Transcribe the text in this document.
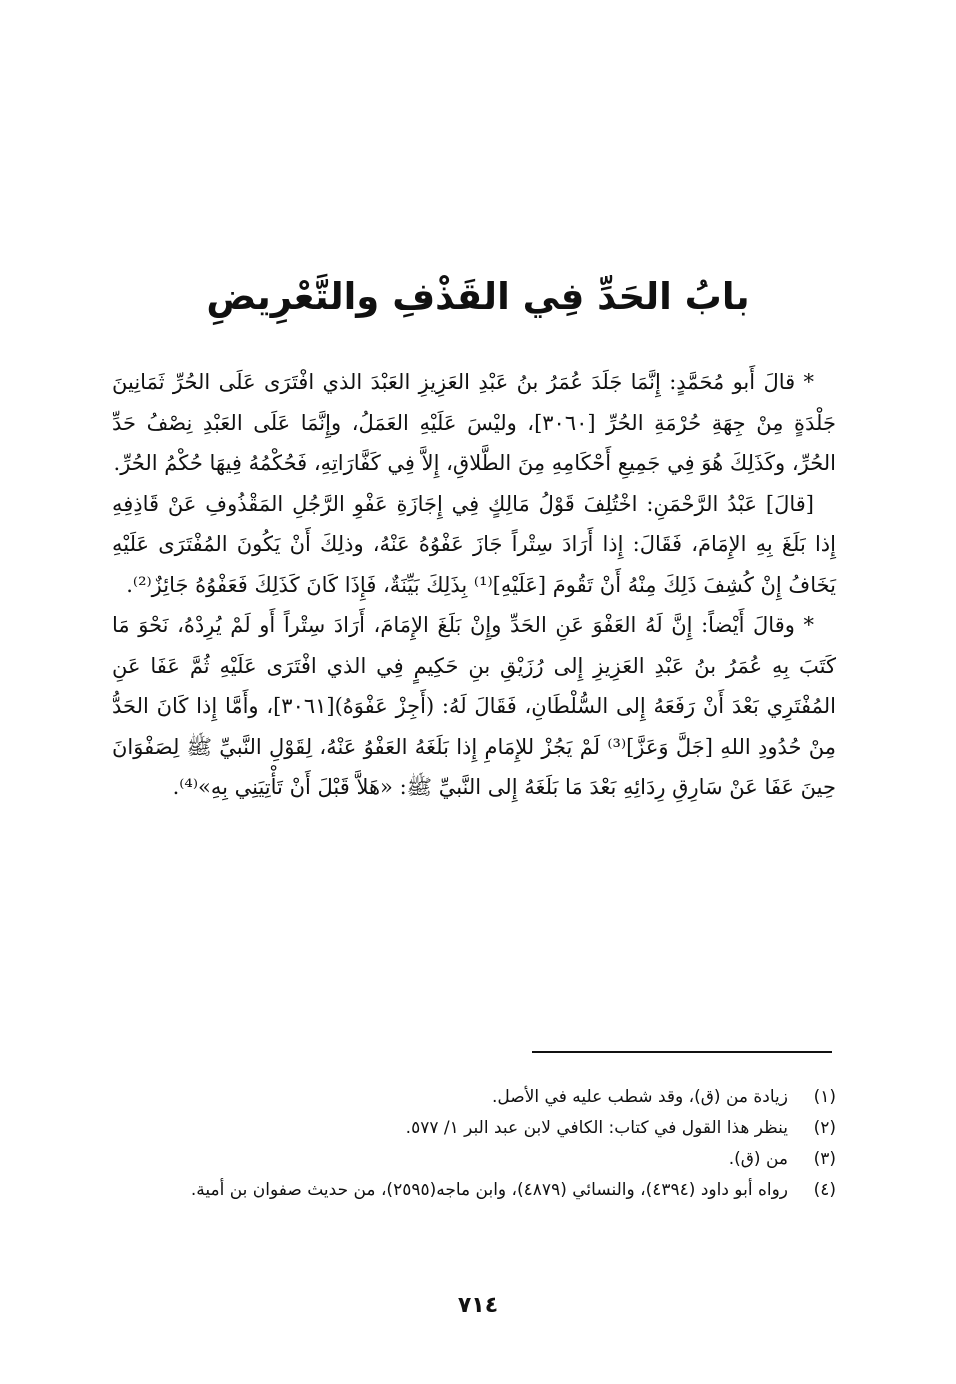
بابُ الحَدِّ فِي القَذْفِ والتَّعْرِيضِ

* قالَ أَبو مُحَمَّدٍ: إِنَّمَا جَلَدَ عُمَرُ بنُ عَبْدِ العَزِيزِ العَبْدَ الذي افْتَرَى عَلَى الحُرِّ ثَمَانِينَ جَلْدَةٍ مِنْ جِهَةِ حُرْمَةِ الحُرِّ [٣٠٦٠]، وليْسَ عَلَيْهِ العَمَلُ، وإِنَّمَا عَلَى العَبْدِ نِصْفُ حَدِّ الحُرِّ، وكَذَلِكَ هُوَ فِي جَمِيعِ أَحْكَامِهِ مِنَ الطَّلاقِ، إِلاَّ فِي كَفَّارَاتِهِ، فَحُكْمُهُ فِيهَا حُكْمُ الحُرِّ.

[قالَ] عَبْدُ الرَّحْمَنِ: اخْتُلِفَ قَوْلُ مَالِكٍ فِي إِجَازَةِ عَفْوِ الرَّجُلِ المَقْذُوفِ عَنْ قَاذِفِهِ إِذا بَلَغَ بِهِ الإِمَامَ، فَقَالَ: إِذا أَرَادَ سِتْراً جَازَ عَفْوُهُ عَنْهُ، وذلِكَ أَنْ يَكُونَ المُفْتَرَى عَلَيْهِ يَخَافُ إِنْ كُشِفَ ذَلِكَ مِنْهُ أَنْ تَقُومَ [عَلَيْهِ]⁽¹⁾ بِذَلِكَ بَيِّنَةٌ، فَإِذَا كَانَ كَذَلِكَ فَعَفْوُهُ جَائِزٌ⁽²⁾.

* وقالَ أَيْضاً: إِنَّ لَهُ العَفْوَ عَنِ الحَدِّ وإِنْ بَلَغَ الإِمَامَ، أَرَادَ سِتْراً أَو لَمْ يُرِدْهُ، نَحْوَ مَا كَتَبَ بِهِ عُمَرُ بنُ عَبْدِ العَزِيزِ إِلى رُزَيْقِ بنِ حَكِيمٍ فِي الذي افْتَرَى عَلَيْهِ ثُمَّ عَفَا عَنِ المُفْتَرِي بَعْدَ أَنْ رَفَعَهُ إِلى السُّلْطَانِ، فَقَالَ لَهُ: (أَجِزْ عَفْوَهُ)[٣٠٦١]، وأَمَّا إِذا كَانَ الحَدُّ مِنْ حُدُودِ اللهِ [جَلَّ وَعَزَّ]⁽³⁾ لَمْ يَجُزْ للإِمَامِ إِذا بَلَغَهُ العَفْوُ عَنْهُ، لِقَوْلِ النَّبيِّ ﷺ لِصَفْوَانَ حِينَ عَفَا عَنْ سَارِقِ رِدَائِهِ بَعْدَ مَا بَلَغَهُ إِلى النَّبيِّ ﷺ: «هَلاَّ قَبْلَ أَنْ تَأْتِيَنِي بِهِ»⁽⁴⁾.

(١)
زيادة من (ق)، وقد شطب عليه في الأصل.
(٢)
ينظر هذا القول في كتاب: الكافي لابن عبد البر ١/ ٥٧٧.
(٣)
من (ق).
(٤)
رواه أبو داود (٤٣٩٤)، والنسائي (٤٨٧٩)، وابن ماجه(٢٥٩٥)، من حديث صفوان بن أمية.
٧١٤
